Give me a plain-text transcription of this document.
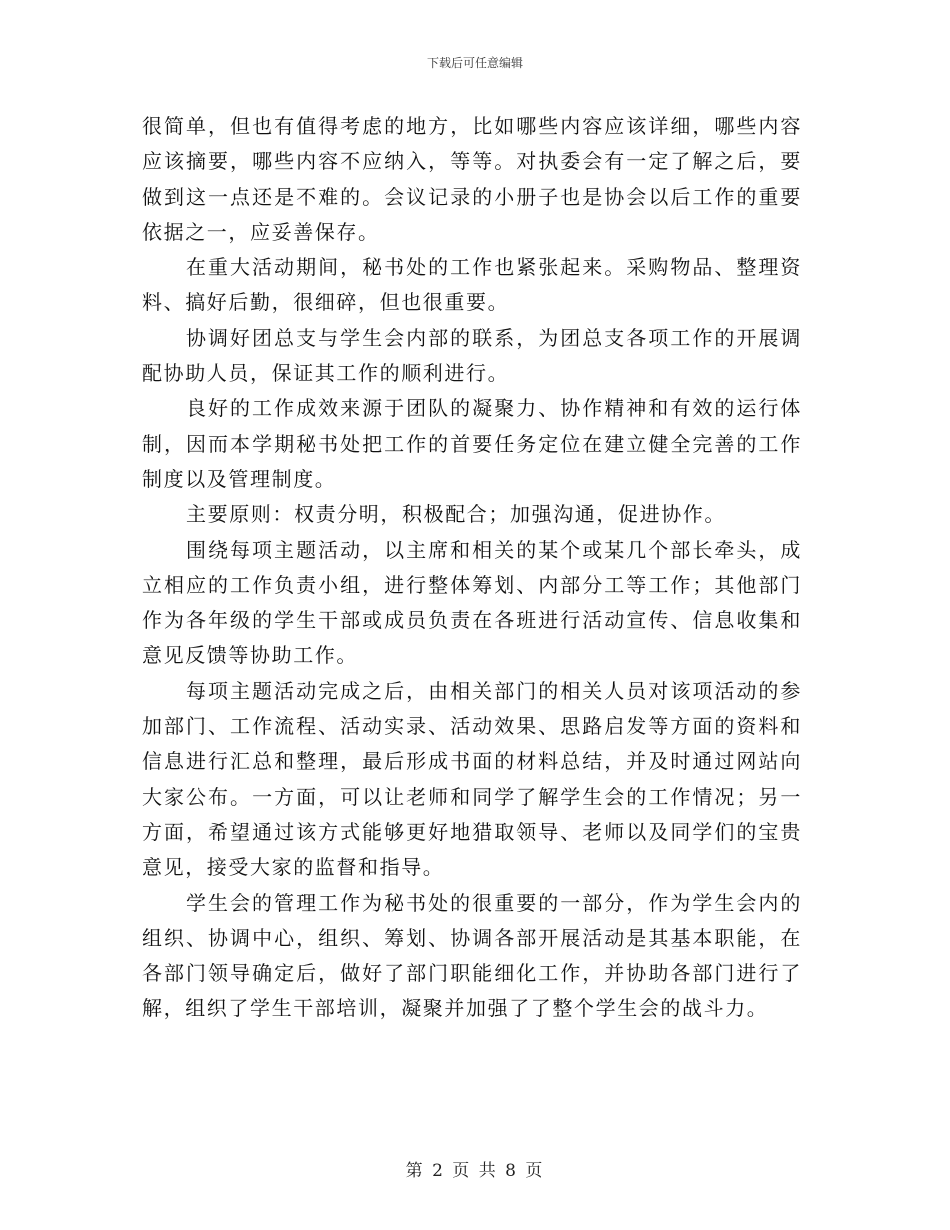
下载后可任意编辑

很简单，但也有值得考虑的地方，比如哪些内容应该详细，哪些内容应该摘要，哪些内容不应纳入，等等。对执委会有一定了解之后，要做到这一点还是不难的。会议记录的小册子也是协会以后工作的重要依据之一，应妥善保存。

在重大活动期间，秘书处的工作也紧张起来。采购物品、整理资料、搞好后勤，很细碎，但也很重要。

协调好团总支与学生会内部的联系，为团总支各项工作的开展调配协助人员，保证其工作的顺利进行。

良好的工作成效来源于团队的凝聚力、协作精神和有效的运行体制，因而本学期秘书处把工作的首要任务定位在建立健全完善的工作制度以及管理制度。

主要原则：权责分明，积极配合；加强沟通，促进协作。

围绕每项主题活动，以主席和相关的某个或某几个部长牵头，成立相应的工作负责小组，进行整体筹划、内部分工等工作；其他部门作为各年级的学生干部或成员负责在各班进行活动宣传、信息收集和意见反馈等协助工作。

每项主题活动完成之后，由相关部门的相关人员对该项活动的参加部门、工作流程、活动实录、活动效果、思路启发等方面的资料和信息进行汇总和整理，最后形成书面的材料总结，并及时通过网站向大家公布。一方面，可以让老师和同学了解学生会的工作情况；另一方面，希望通过该方式能够更好地猎取领导、老师以及同学们的宝贵意见，接受大家的监督和指导。

学生会的管理工作为秘书处的很重要的一部分，作为学生会内的组织、协调中心，组织、筹划、协调各部开展活动是其基本职能，在各部门领导确定后，做好了部门职能细化工作，并协助各部门进行了解，组织了学生干部培训，凝聚并加强了了整个学生会的战斗力。

第 2 页 共 8 页
